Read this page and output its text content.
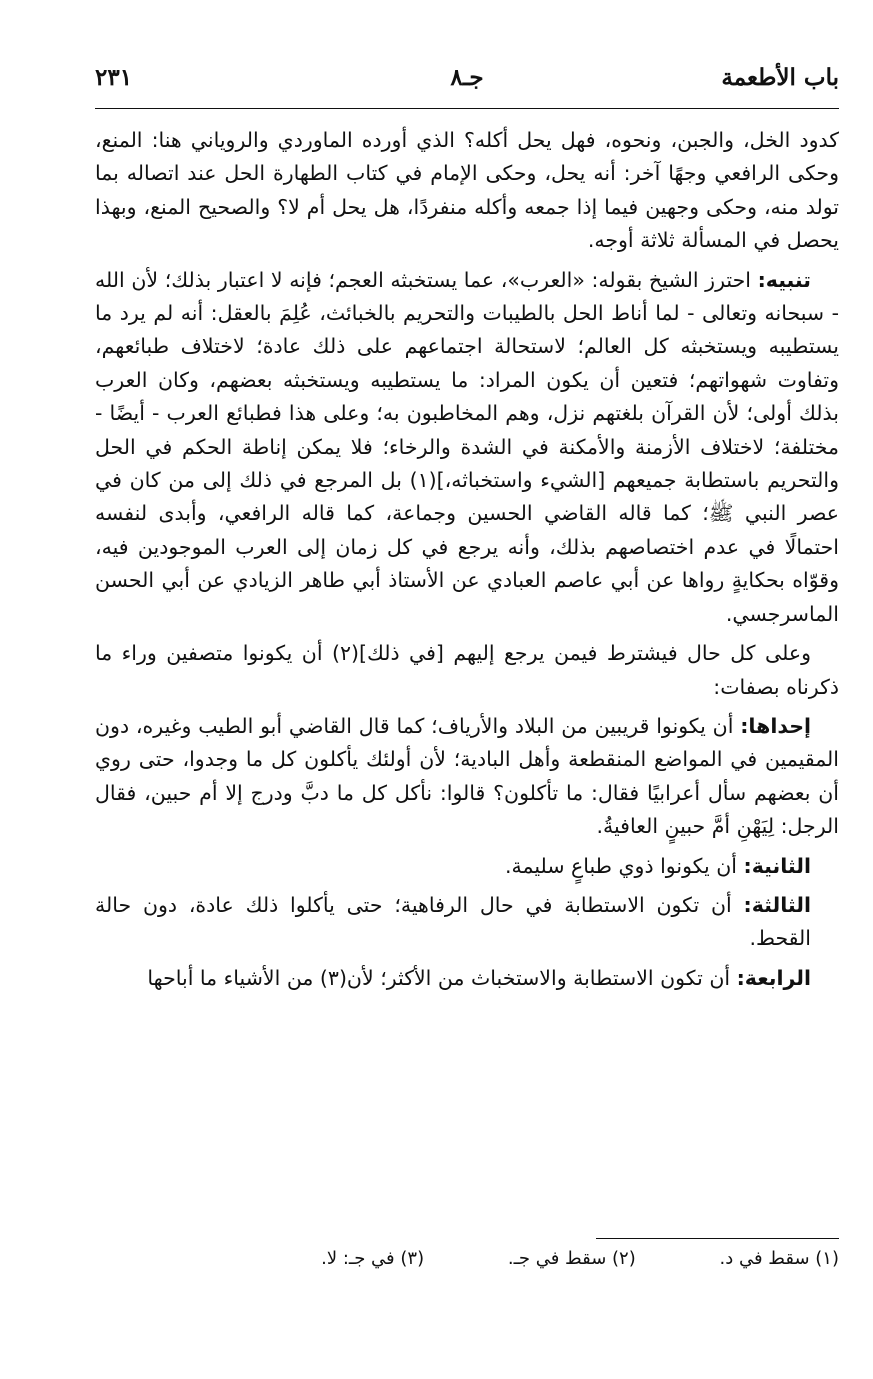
باب الأطعمة
جـ٨
٢٣١

كدود الخل، والجبن، ونحوه، فهل يحل أكله؟ الذي أورده الماوردي والروياني هنا: المنع، وحكى الرافعي وجهًا آخر: أنه يحل، وحكى الإمام في كتاب الطهارة الحل عند اتصاله بما تولد منه، وحكى وجهين فيما إذا جمعه وأكله منفردًا، هل يحل أم لا؟ والصحيح المنع، وبهذا يحصل في المسألة ثلاثة أوجه.

تنبيه: احترز الشيخ بقوله: «العرب»، عما يستخبثه العجم؛ فإنه لا اعتبار بذلك؛ لأن الله - سبحانه وتعالى - لما أناط الحل بالطيبات والتحريم بالخبائث، عُلِمَ بالعقل: أنه لم يرد ما يستطيبه ويستخبثه كل العالم؛ لاستحالة اجتماعهم على ذلك عادة؛ لاختلاف طبائعهم، وتفاوت شهواتهم؛ فتعين أن يكون المراد: ما يستطيبه ويستخبثه بعضهم، وكان العرب بذلك أولى؛ لأن القرآن بلغتهم نزل، وهم المخاطبون به؛ وعلى هذا فطبائع العرب - أيضًا - مختلفة؛ لاختلاف الأزمنة والأمكنة في الشدة والرخاء؛ فلا يمكن إناطة الحكم في الحل والتحريم باستطابة جميعهم [الشيء واستخباثه،](١) بل المرجع في ذلك إلى من كان في عصر النبي ﷺ؛ كما قاله القاضي الحسين وجماعة، كما قاله الرافعي، وأبدى لنفسه احتمالًا في عدم اختصاصهم بذلك، وأنه يرجع في كل زمان إلى العرب الموجودين فيه، وقوّاه بحكايةٍ رواها عن أبي عاصم العبادي عن الأستاذ أبي طاهر الزيادي عن أبي الحسن الماسرجسي.

وعلى كل حال فيشترط فيمن يرجع إليهم [في ذلك](٢) أن يكونوا متصفين وراء ما ذكرناه بصفات:

إحداها: أن يكونوا قريبين من البلاد والأرياف؛ كما قال القاضي أبو الطيب وغيره، دون المقيمين في المواضع المنقطعة وأهل البادية؛ لأن أولئك يأكلون كل ما وجدوا، حتى روي أن بعضهم سأل أعرابيًا فقال: ما تأكلون؟ قالوا: نأكل كل ما دبَّ ودرج إلا أم حبين، فقال الرجل: لِيَهْنِ أمَّ حبينٍ العافيةُ.

الثانية: أن يكونوا ذوي طباعٍ سليمة.

الثالثة: أن تكون الاستطابة في حال الرفاهية؛ حتى يأكلوا ذلك عادة، دون حالة القحط.

الرابعة: أن تكون الاستطابة والاستخباث من الأكثر؛ لأن(٣) من الأشياء ما أباحها

(١) سقط في د. (٢) سقط في جـ. (٣) في جـ: لا.
